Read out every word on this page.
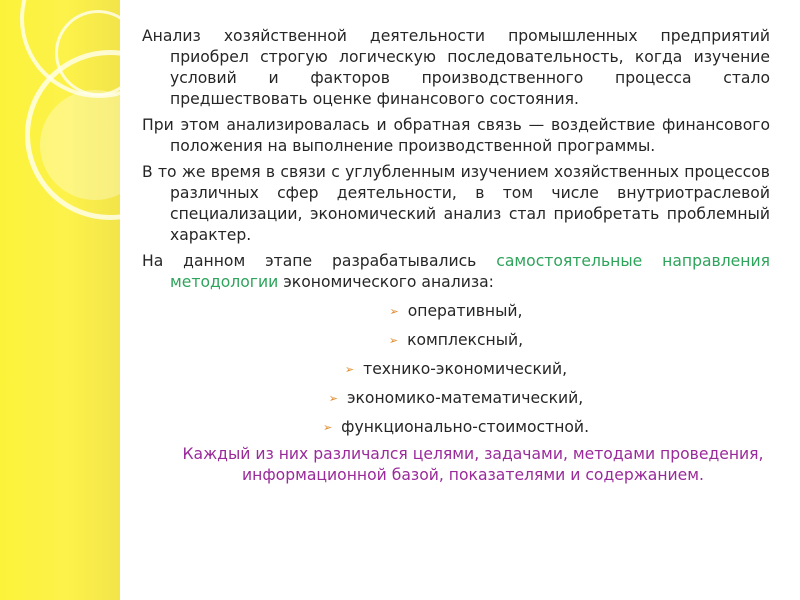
Анализ хозяйственной деятельности промышленных предприятий приобрел строгую логическую последовательность, когда изучение условий и факторов производственного процесса стало предшествовать оценке финансового состояния.

При этом анализировалась и обратная связь — воздействие финансового положения на выполнение производственной программы.

В то же время в связи с углубленным изучением хозяйственных процессов различных сфер деятельности, в том числе внутриотраслевой специализации, экономический анализ стал приобретать проблемный характер.

На данном этапе разрабатывались самостоятельные направления методологии экономического анализа:

➢ оперативный,
➢ комплексный,
➢ технико-экономический,
➢ экономико-математический,
➢ функционально-стоимостной.

Каждый из них различался целями, задачами, методами проведения, информационной базой, показателями и содержанием.
